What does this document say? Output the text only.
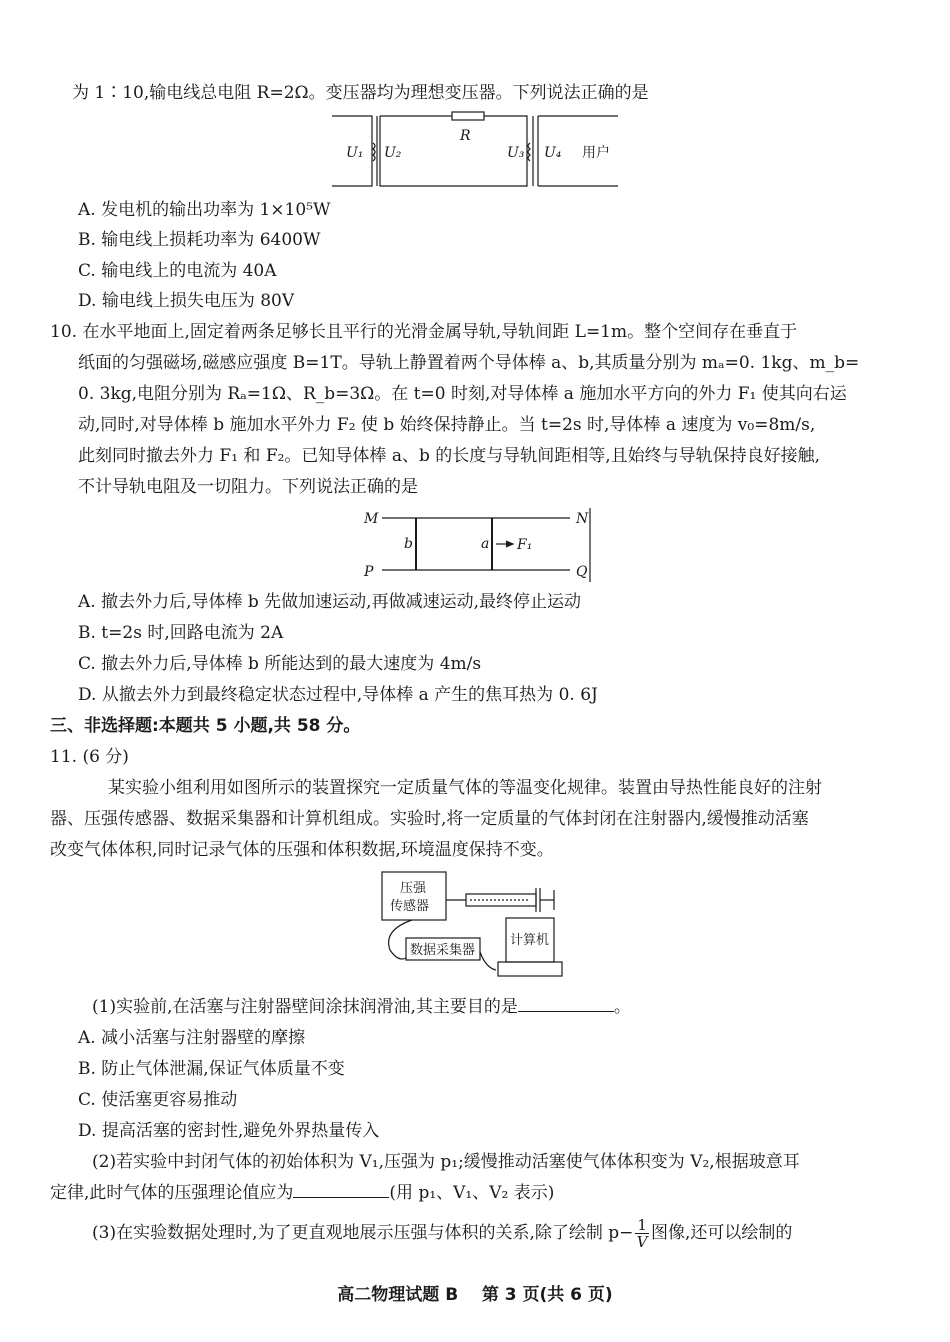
为 1∶10,输电线总电阻 R=2Ω。变压器均为理想变压器。下列说法正确的是
U₁ U₂
R
U₃ U₄ 用户
A. 发电机的输出功率为 1×10⁵W
B. 输电线上损耗功率为 6400W
C. 输电线上的电流为 40A
D. 输电线上损失电压为 80V
10. 在水平地面上,固定着两条足够长且平行的光滑金属导轨,导轨间距 L=1m。整个空间存在垂直于
纸面的匀强磁场,磁感应强度 B=1T。导轨上静置着两个导体棒 a、b,其质量分别为 mₐ=0. 1kg、m_b=
0. 3kg,电阻分别为 Rₐ=1Ω、R_b=3Ω。在 t=0 时刻,对导体棒 a 施加水平方向的外力 F₁ 使其向右运
动,同时,对导体棒 b 施加水平外力 F₂ 使 b 始终保持静止。当 t=2s 时,导体棒 a 速度为 v₀=8m/s,
此刻同时撤去外力 F₁ 和 F₂。已知导体棒 a、b 的长度与导轨间距相等,且始终与导轨保持良好接触,
不计导轨电阻及一切阻力。下列说法正确的是
M	N
P	Q
b	a F₁
A. 撤去外力后,导体棒 b 先做加速运动,再做减速运动,最终停止运动
B. t=2s 时,回路电流为 2A
C. 撤去外力后,导体棒 b 所能达到的最大速度为 4m/s
D. 从撤去外力到最终稳定状态过程中,导体棒 a 产生的焦耳热为 0. 6J
三、非选择题:本题共 5 小题,共 58 分。
11. (6 分)
某实验小组利用如图所示的装置探究一定质量气体的等温变化规律。装置由导热性能良好的注射
器、压强传感器、数据采集器和计算机组成。实验时,将一定质量的气体封闭在注射器内,缓慢推动活塞
改变气体体积,同时记录气体的压强和体积数据,环境温度保持不变。
压强
传感器
数据采集器
计算机
(1)实验前,在活塞与注射器壁间涂抹润滑油,其主要目的是	。
A. 减小活塞与注射器壁的摩擦
B. 防止气体泄漏,保证气体质量不变
C. 使活塞更容易推动
D. 提高活塞的密封性,避免外界热量传入
(2)若实验中封闭气体的初始体积为 V₁,压强为 p₁;缓慢推动活塞使气体体积变为 V₂,根据玻意耳
定律,此时气体的压强理论值应为	(用 p₁、V₁、V₂ 表示)
(3)在实验数据处理时,为了更直观地展示压强与体积的关系,除了绘制 $p- \frac{1}{V}$ 图像,还可以绘制的
高二物理试题 B    第 3 页(共 6 页)
